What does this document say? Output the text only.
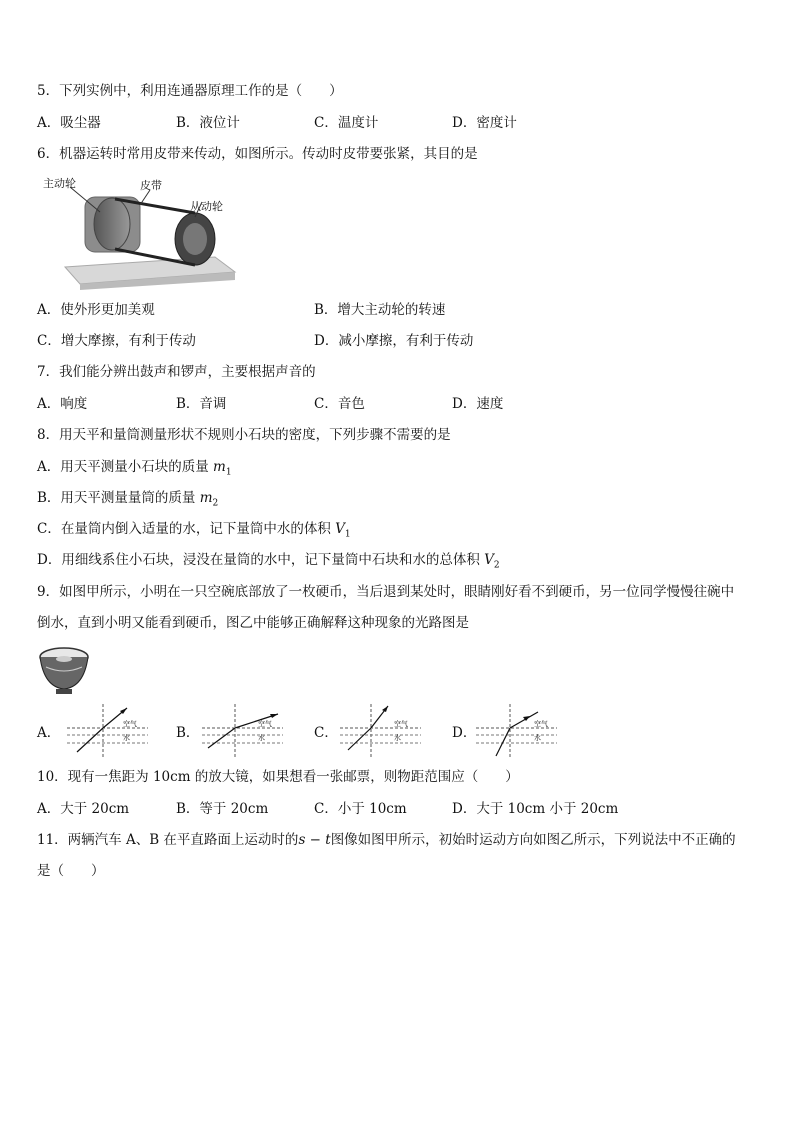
5．下列实例中，利用连通器原理工作的是（　　）
A．吸尘器	B．液位计	C．温度计	D．密度计
6．机器运转时常用皮带来传动，如图所示。传动时皮带要张紧，其目的是
主动轮	皮带
从动轮
A．使外形更加美观	B．增大主动轮的转速
C．增大摩擦，有利于传动	D．减小摩擦，有利于传动
7．我们能分辨出鼓声和锣声，主要根据声音的
A．响度	B．音调	C．音色	D．速度
8．用天平和量筒测量形状不规则小石块的密度，下列步骤不需要的是
A．用天平测量小石块的质量 $m_1$
B．用天平测量量筒的质量 $m_2$
C．在量筒内倒入适量的水，记下量筒中水的体积 $V_1$
D．用细线系住小石块，浸没在量筒的水中，记下量筒中石块和水的总体积 $V_2$
9．如图甲所示，小明在一只空碗底部放了一枚硬币，当后退到某处时，眼睛刚好看不到硬币，另一位同学慢慢往碗中
倒水，直到小明又能看到硬币，图乙中能够正确解释这种现象的光路图是
A．
空气
水	B．
空气
水	C．
空气
水	D．
空气
水
10．现有一焦距为 10cm 的放大镜，如果想看一张邮票，则物距范围应（　　）
A．大于 20cm	B．等于 20cm	C．小于 10cm	D．大于 10cm 小于 20cm
11．两辆汽车 A、B 在平直路面上运动时的s − t图像如图甲所示，初始时运动方向如图乙所示，下列说法中不正确的
是（　　）
